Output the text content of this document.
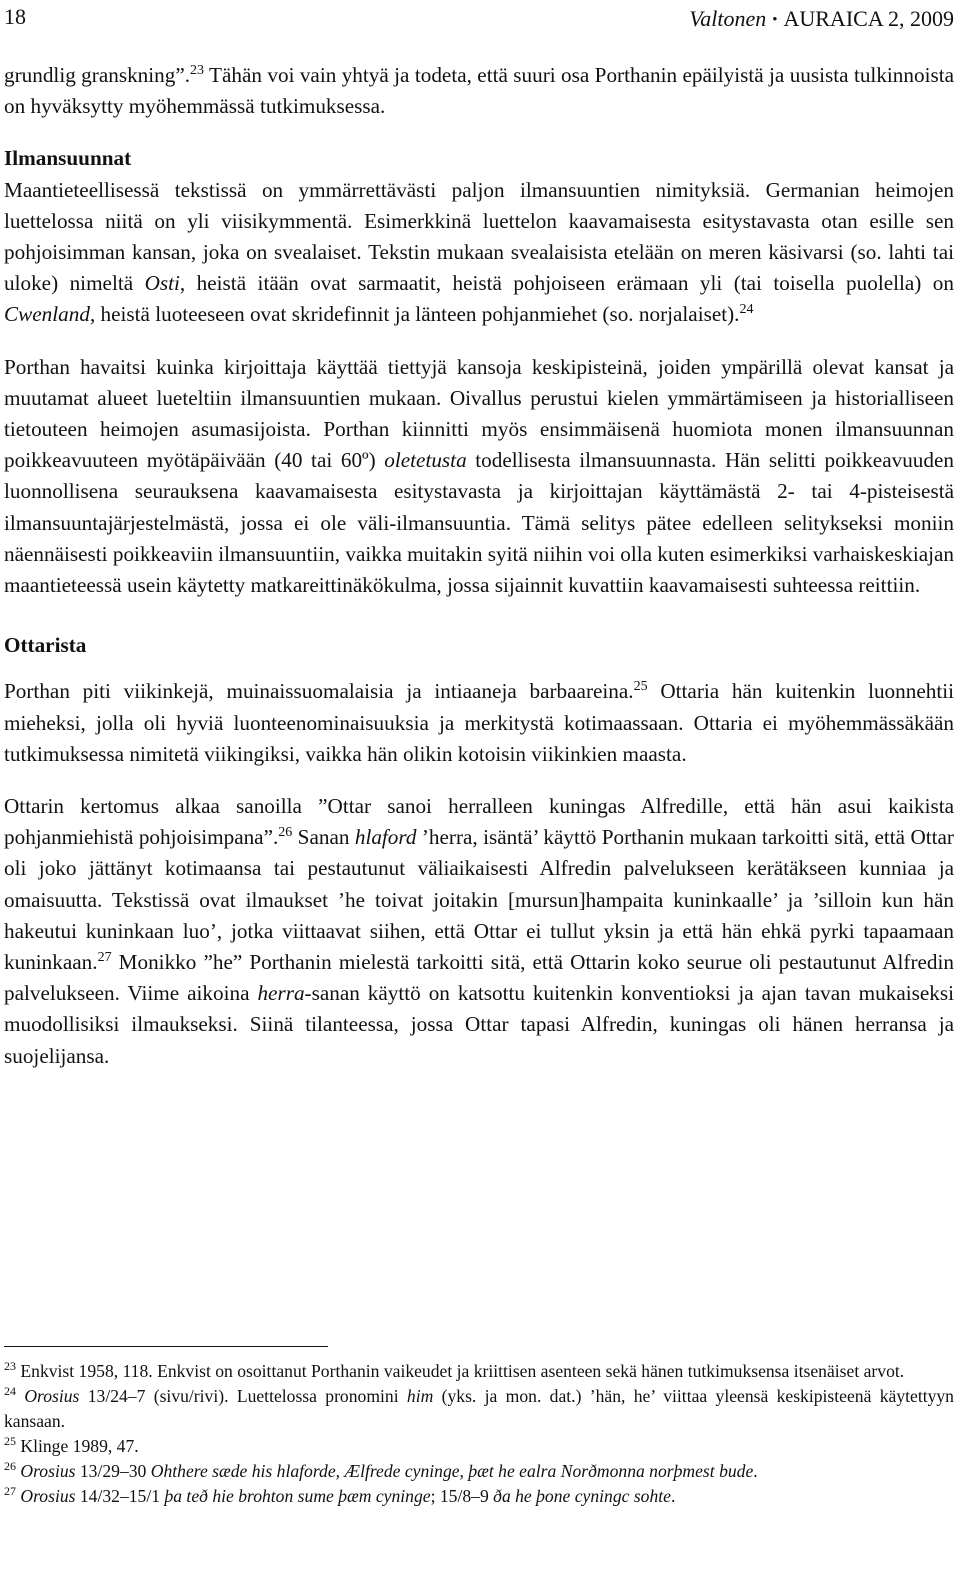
18	Valtonen • AURAICA 2, 2009

grundlig granskning”.$^{23}$ Tähän voi vain yhtyä ja todeta, että suuri osa Porthanin epäilyistä ja uusista tulkinnoista on hyväksytty myöhemmässä tutkimuksessa.

Ilmansuunnat

Maantieteellisessä tekstissä on ymmärrettävästi paljon ilmansuuntien nimityksiä. Germanian heimojen luettelossa niitä on yli viisikymmentä. Esimerkkinä luettelon kaavamaisesta esitystavasta otan esille sen pohjoisimman kansan, joka on svealaiset. Tekstin mukaan svealaisista etelään on meren käsivarsi (so. lahti tai uloke) nimeltä Osti, heistä itään ovat sarmaatit, heistä pohjoiseen erämaan yli (tai toisella puolella) on Cwenland, heistä luoteeseen ovat skridefinnit ja länteen pohjanmiehet (so. norjalaiset).$^{24}$

Porthan havaitsi kuinka kirjoittaja käyttää tiettyjä kansoja keskipisteinä, joiden ympärillä olevat kansat ja muutamat alueet lueteltiin ilmansuuntien mukaan. Oivallus perustui kielen ymmärtämiseen ja historialliseen tietouteen heimojen asumasijoista. Porthan kiinnitti myös ensimmäisenä huomiota monen ilmansuunnan poikkeavuuteen myötäpäivään (40 tai 60º) oletetusta todellisesta ilmansuunnasta. Hän selitti poikkeavuuden luonnollisena seurauksena kaavamaisesta esitystavasta ja kirjoittajan käyttämästä 2- tai 4-pisteisestä ilmansuuntajärjestelmästä, jossa ei ole väli-ilmansuuntia. Tämä selitys pätee edelleen selitykseksi moniin näennäisesti poikkeaviin ilmansuuntiin, vaikka muitakin syitä niihin voi olla kuten esimerkiksi varhaiskeskiajan maantieteessä usein käytetty matkareittinäkökulma, jossa sijainnit kuvattiin kaavamaisesti suhteessa reittiin.

Ottarista

Porthan piti viikinkejä, muinaissuomalaisia ja intiaaneja barbaareina.$^{25}$ Ottaria hän kuitenkin luonnehtii mieheksi, jolla oli hyviä luonteenominaisuuksia ja merkitystä kotimaassaan. Ottaria ei myöhemmässäkään tutkimuksessa nimitetä viikingiksi, vaikka hän olikin kotoisin viikinkien maasta.

Ottarin kertomus alkaa sanoilla ”Ottar sanoi herralleen kuningas Alfredille, että hän asui kaikista pohjanmiehistä pohjoisimpana”.$^{26}$ Sanan hlaford ’herra, isäntä’ käyttö Porthanin mukaan tarkoitti sitä, että Ottar oli joko jättänyt kotimaansa tai pestautunut väliaikaisesti Alfredin palvelukseen kerätäkseen kunniaa ja omaisuutta. Tekstissä ovat ilmaukset ’he toivat joitakin [mursun]hampaita kuninkaalle’ ja ’silloin kun hän hakeutui kuninkaan luo’, jotka viittaavat siihen, että Ottar ei tullut yksin ja että hän ehkä pyrki tapaamaan kuninkaan.$^{27}$ Monikko ”he” Porthanin mielestä tarkoitti sitä, että Ottarin koko seurue oli pestautunut Alfredin palvelukseen. Viime aikoina herra-sanan käyttö on katsottu kuitenkin konventioksi ja ajan tavan mukaiseksi muodollisiksi ilmaukseksi. Siinä tilanteessa, jossa Ottar tapasi Alfredin, kuningas oli hänen herransa ja suojelijansa.

$^{23}$ Enkvist 1958, 118. Enkvist on osoittanut Porthanin vaikeudet ja kriittisen asenteen sekä hänen tutkimuksensa itsenäiset arvot.

$^{24}$ Orosius 13/24–7 (sivu/rivi). Luettelossa pronomini him (yks. ja mon. dat.) ’hän, he’ viittaa yleensä keskipisteenä käytettyyn kansaan.

$^{25}$ Klinge 1989, 47.

$^{26}$ Orosius 13/29–30 Ohthere sæde his hlaforde, Ælfrede cyninge, þæt he ealra Norðmonna norþmest bude.

$^{27}$ Orosius 14/32–15/1 þa teð hie brohton sume þæm cyninge; 15/8–9 ða he þone cyningc sohte.
